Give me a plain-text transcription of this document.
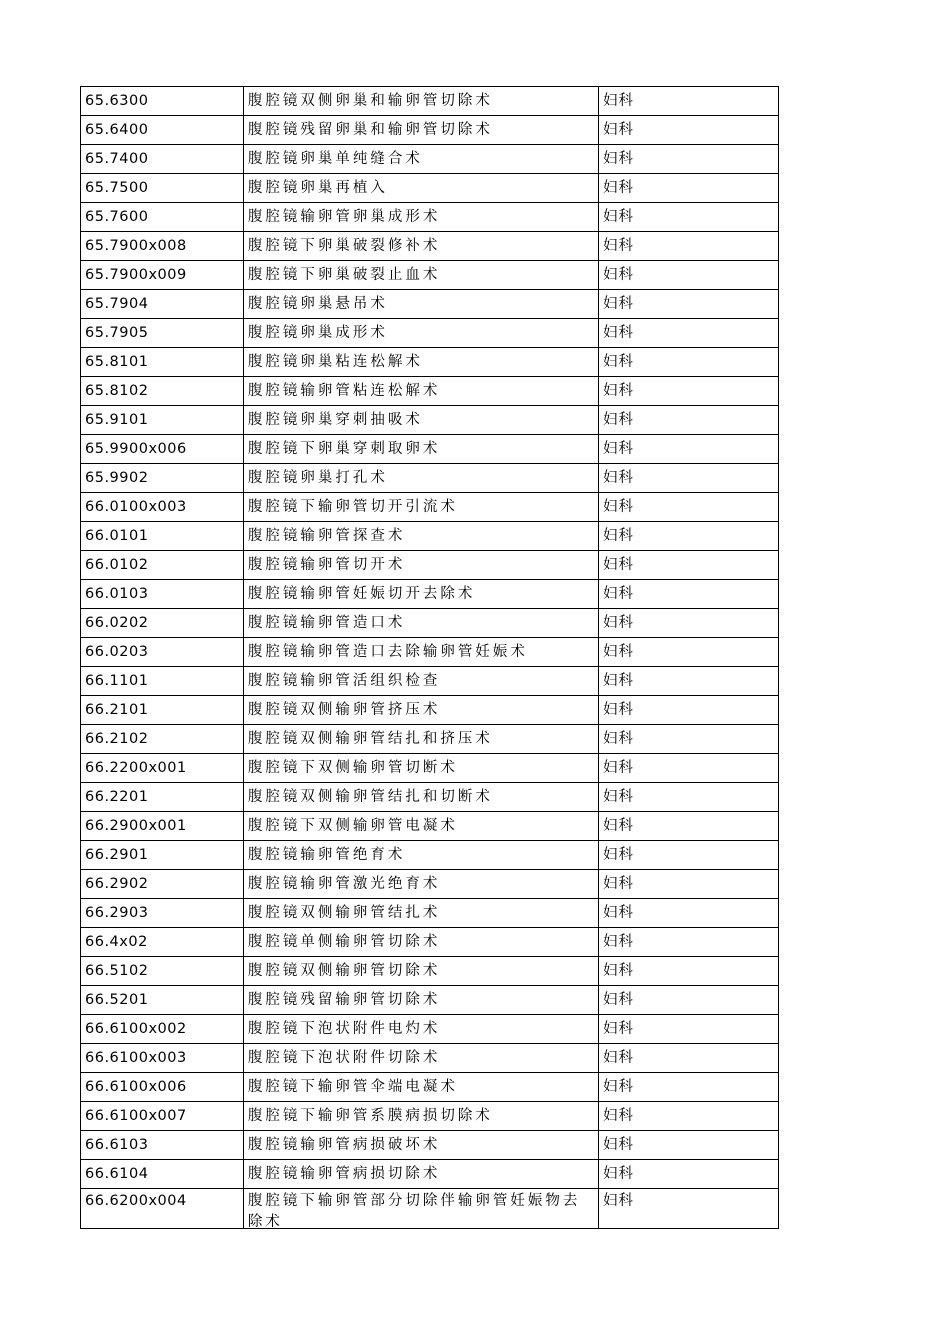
65.6300	腹腔镜双侧卵巢和输卵管切除术	妇科
65.6400	腹腔镜残留卵巢和输卵管切除术	妇科
65.7400	腹腔镜卵巢单纯缝合术	妇科
65.7500	腹腔镜卵巢再植入	妇科
65.7600	腹腔镜输卵管卵巢成形术	妇科
65.7900x008	腹腔镜下卵巢破裂修补术	妇科
65.7900x009	腹腔镜下卵巢破裂止血术	妇科
65.7904	腹腔镜卵巢悬吊术	妇科
65.7905	腹腔镜卵巢成形术	妇科
65.8101	腹腔镜卵巢粘连松解术	妇科
65.8102	腹腔镜输卵管粘连松解术	妇科
65.9101	腹腔镜卵巢穿刺抽吸术	妇科
65.9900x006	腹腔镜下卵巢穿刺取卵术	妇科
65.9902	腹腔镜卵巢打孔术	妇科
66.0100x003	腹腔镜下输卵管切开引流术	妇科
66.0101	腹腔镜输卵管探查术	妇科
66.0102	腹腔镜输卵管切开术	妇科
66.0103	腹腔镜输卵管妊娠切开去除术	妇科
66.0202	腹腔镜输卵管造口术	妇科
66.0203	腹腔镜输卵管造口去除输卵管妊娠术	妇科
66.1101	腹腔镜输卵管活组织检查	妇科
66.2101	腹腔镜双侧输卵管挤压术	妇科
66.2102	腹腔镜双侧输卵管结扎和挤压术	妇科
66.2200x001	腹腔镜下双侧输卵管切断术	妇科
66.2201	腹腔镜双侧输卵管结扎和切断术	妇科
66.2900x001	腹腔镜下双侧输卵管电凝术	妇科
66.2901	腹腔镜输卵管绝育术	妇科
66.2902	腹腔镜输卵管激光绝育术	妇科
66.2903	腹腔镜双侧输卵管结扎术	妇科
66.4x02	腹腔镜单侧输卵管切除术	妇科
66.5102	腹腔镜双侧输卵管切除术	妇科
66.5201	腹腔镜残留输卵管切除术	妇科
66.6100x002	腹腔镜下泡状附件电灼术	妇科
66.6100x003	腹腔镜下泡状附件切除术	妇科
66.6100x006	腹腔镜下输卵管伞端电凝术	妇科
66.6100x007	腹腔镜下输卵管系膜病损切除术	妇科
66.6103	腹腔镜输卵管病损破坏术	妇科
66.6104	腹腔镜输卵管病损切除术	妇科
66.6200x004	腹腔镜下输卵管部分切除伴输卵管妊娠物去
除术	妇科
